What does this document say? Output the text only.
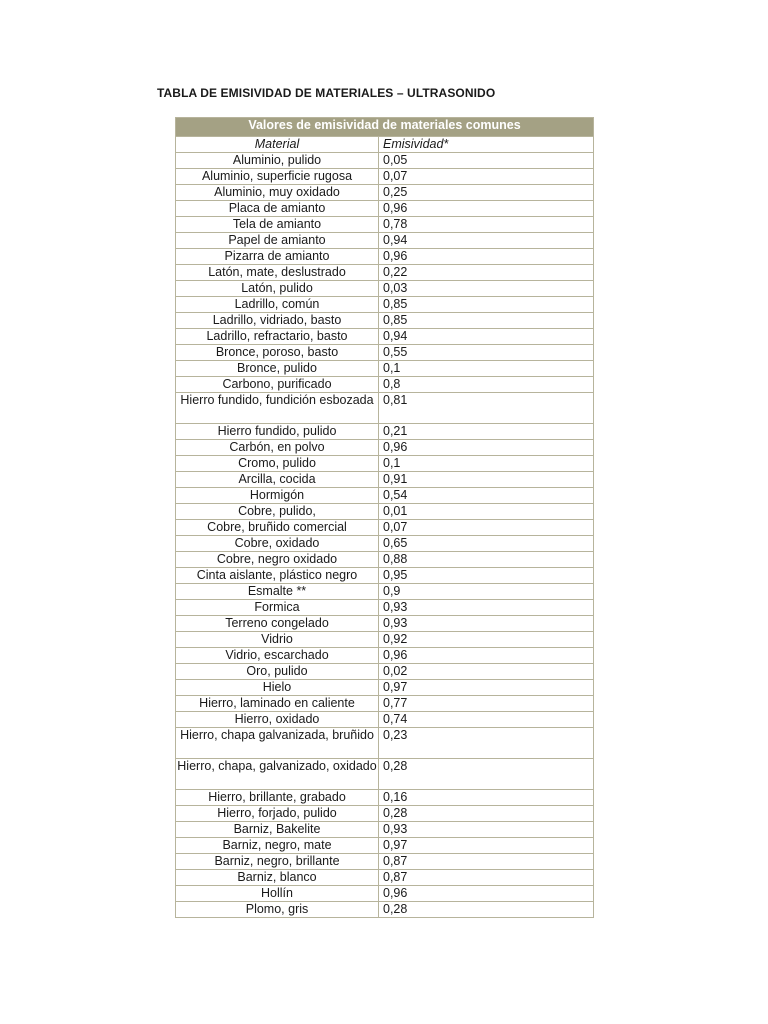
TABLA DE EMISIVIDAD DE MATERIALES – ULTRASONIDO
Valores de emisividad de materiales comunes	
Material	Emisividad*
Aluminio, pulido	0,05
Aluminio, superficie rugosa	0,07
Aluminio, muy oxidado	0,25
Placa de amianto	0,96
Tela de amianto	0,78
Papel de amianto	0,94
Pizarra de amianto	0,96
Latón, mate, deslustrado	0,22
Latón, pulido	0,03
Ladrillo, común	0,85
Ladrillo, vidriado, basto	0,85
Ladrillo, refractario, basto	0,94
Bronce, poroso, basto	0,55
Bronce, pulido	0,1
Carbono, purificado	0,8
Hierro fundido, fundición esbozada	0,81
Hierro fundido, pulido	0,21
Carbón, en polvo	0,96
Cromo, pulido	0,1
Arcilla, cocida	0,91
Hormigón	0,54
Cobre, pulido,	0,01
Cobre, bruñido comercial	0,07
Cobre, oxidado	0,65
Cobre, negro oxidado	0,88
Cinta aislante, plástico negro	0,95
Esmalte **	0,9
Formica	0,93
Terreno congelado	0,93
Vidrio	0,92
Vidrio, escarchado	0,96
Oro, pulido	0,02
Hielo	0,97
Hierro, laminado en caliente	0,77
Hierro, oxidado	0,74
Hierro, chapa galvanizada, bruñido	0,23
Hierro, chapa, galvanizado, oxidado	0,28
Hierro, brillante, grabado	0,16
Hierro, forjado, pulido	0,28
Barniz, Bakelite	0,93
Barniz, negro, mate	0,97
Barniz, negro, brillante	0,87
Barniz, blanco	0,87
Hollín	0,96
Plomo, gris	0,28
